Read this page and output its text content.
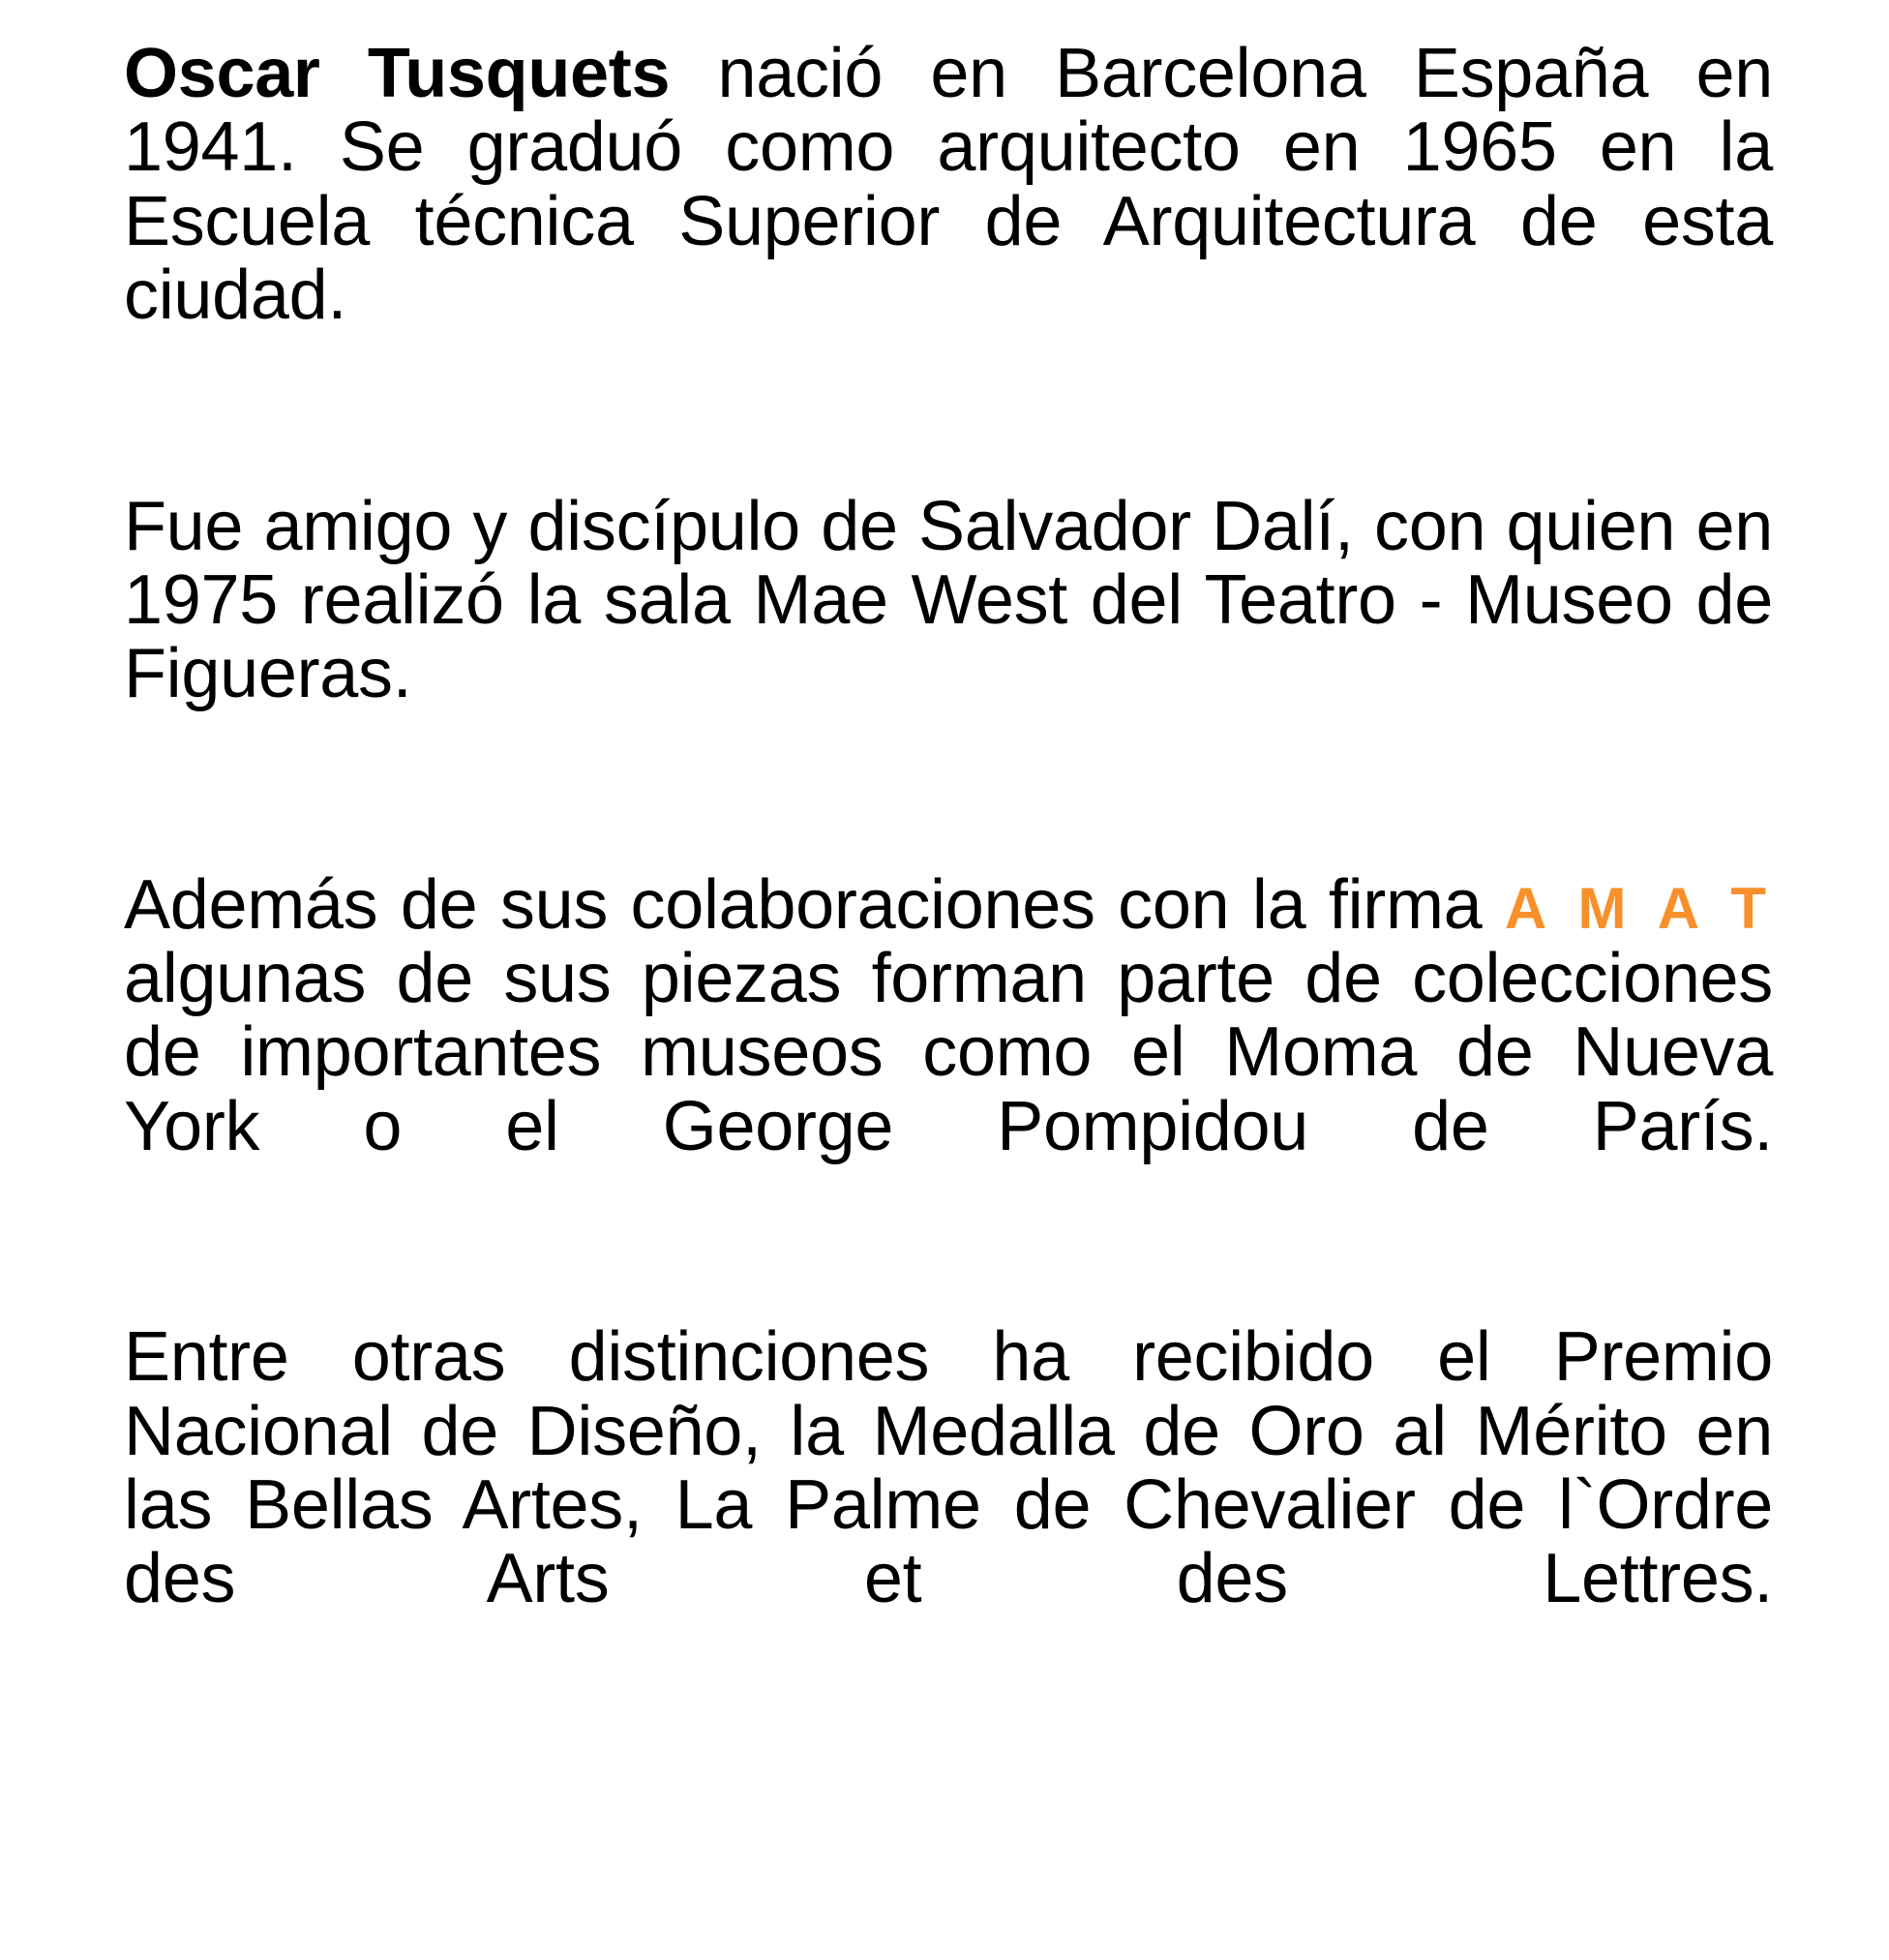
Oscar Tusquets nació en Barcelona España en 1941. Se graduó como arquitecto en 1965 en la Escuela técnica Superior de Arquitectura de esta ciudad.

Fue amigo y discípulo de Salvador Dalí, con quien en 1975 realizó la sala Mae West del Teatro - Museo de Figueras.

Además de sus colaboraciones con la firma A M A T algunas de sus piezas forman parte de colecciones de importantes museos como el Moma de Nueva York o el George Pompidou de París.

Entre otras distinciones ha recibido el Premio Nacional de Diseño, la Medalla de Oro al Mérito en las Bellas Artes, La Palme de Chevalier de l`Ordre des Arts et des Lettres.
